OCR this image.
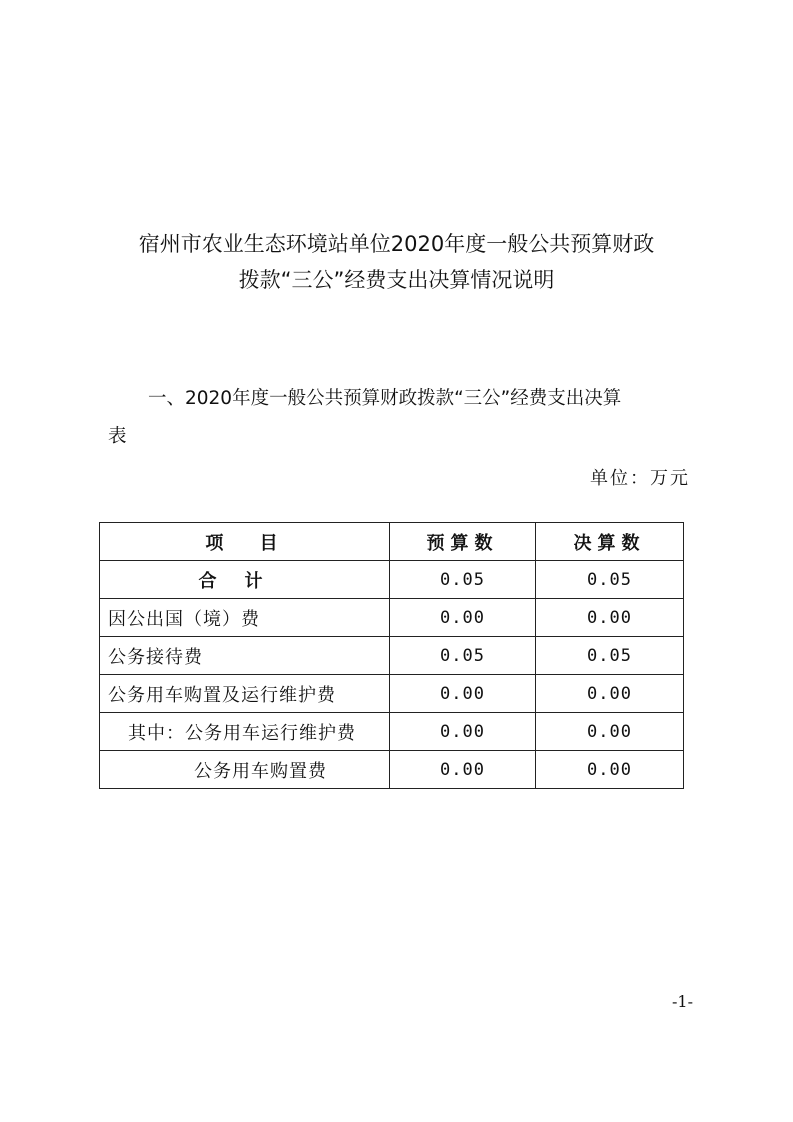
宿州市农业生态环境站单位2020年度一般公共预算财政
拨款“三公”经费支出决算情况说明
一、2020年度一般公共预算财政拨款“三公”经费支出决算
表
单位：万元
项 目	预算数	决算数
合计	0.05	0.05
因公出国（境）费	0.00	0.00
公务接待费	0.05	0.05
公务用车购置及运行维护费	0.00	0.00
其中：公务用车运行维护费	0.00	0.00
公务用车购置费	0.00	0.00
-1-
